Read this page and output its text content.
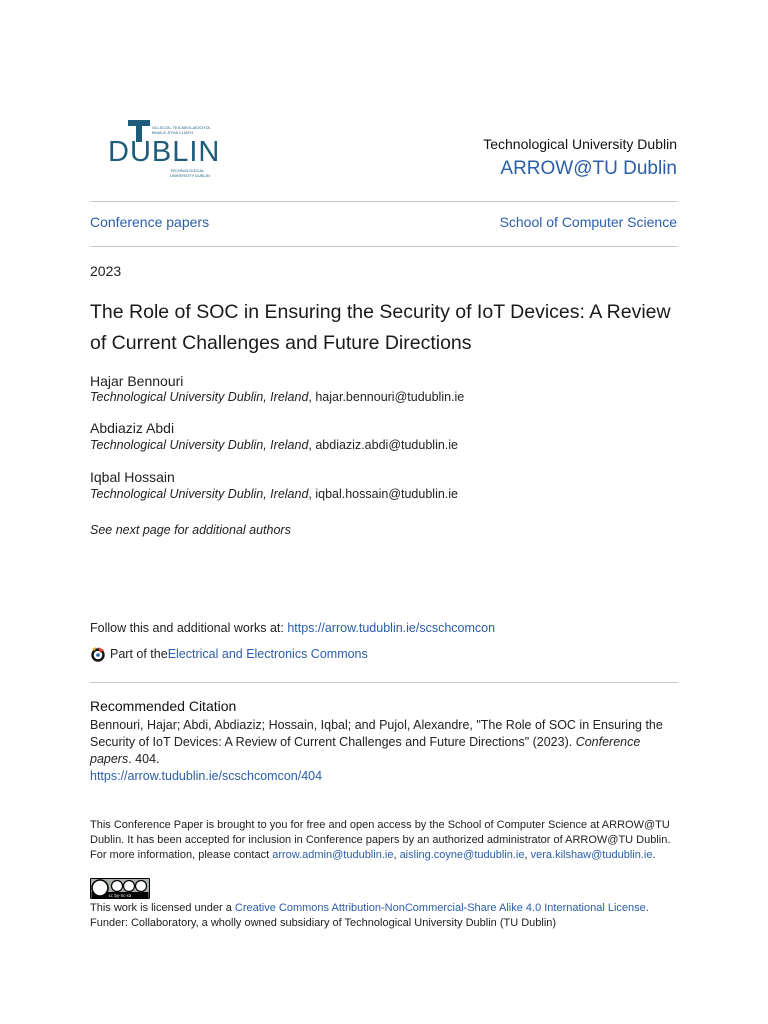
OLLSCOIL TEICNEOLAÍOCHTA
BHAILE ÁTHA CLIATH
DUBLIN
TECHNOLOGICAL
UNIVERSITY DUBLIN
Technological University Dublin
ARROW@TU Dublin
Conference papers	School of Computer Science
2023
The Role of SOC in Ensuring the Security of IoT Devices: A Review of Current Challenges and Future Directions
Hajar Bennouri
Technological University Dublin, Ireland, hajar.bennouri@tudublin.ie
Abdiaziz Abdi
Technological University Dublin, Ireland, abdiaziz.abdi@tudublin.ie
Iqbal Hossain
Technological University Dublin, Ireland, iqbal.hossain@tudublin.ie
See next page for additional authors
Follow this and additional works at: https://arrow.tudublin.ie/scschcomcon
Part of the Electrical and Electronics Commons
Recommended Citation
Bennouri, Hajar; Abdi, Abdiaziz; Hossain, Iqbal; and Pujol, Alexandre, "The Role of SOC in Ensuring the Security of IoT Devices: A Review of Current Challenges and Future Directions" (2023). Conference papers. 404.
https://arrow.tudublin.ie/scschcomcon/404
This Conference Paper is brought to you for free and open access by the School of Computer Science at ARROW@TU Dublin. It has been accepted for inclusion in Conference papers by an authorized administrator of ARROW@TU Dublin. For more information, please contact arrow.admin@tudublin.ie, aisling.coyne@tudublin.ie, vera.kilshaw@tudublin.ie.
cc by-nc-sa
This work is licensed under a Creative Commons Attribution-NonCommercial-Share Alike 4.0 International License.
Funder: Collaboratory, a wholly owned subsidiary of Technological University Dublin (TU Dublin)
